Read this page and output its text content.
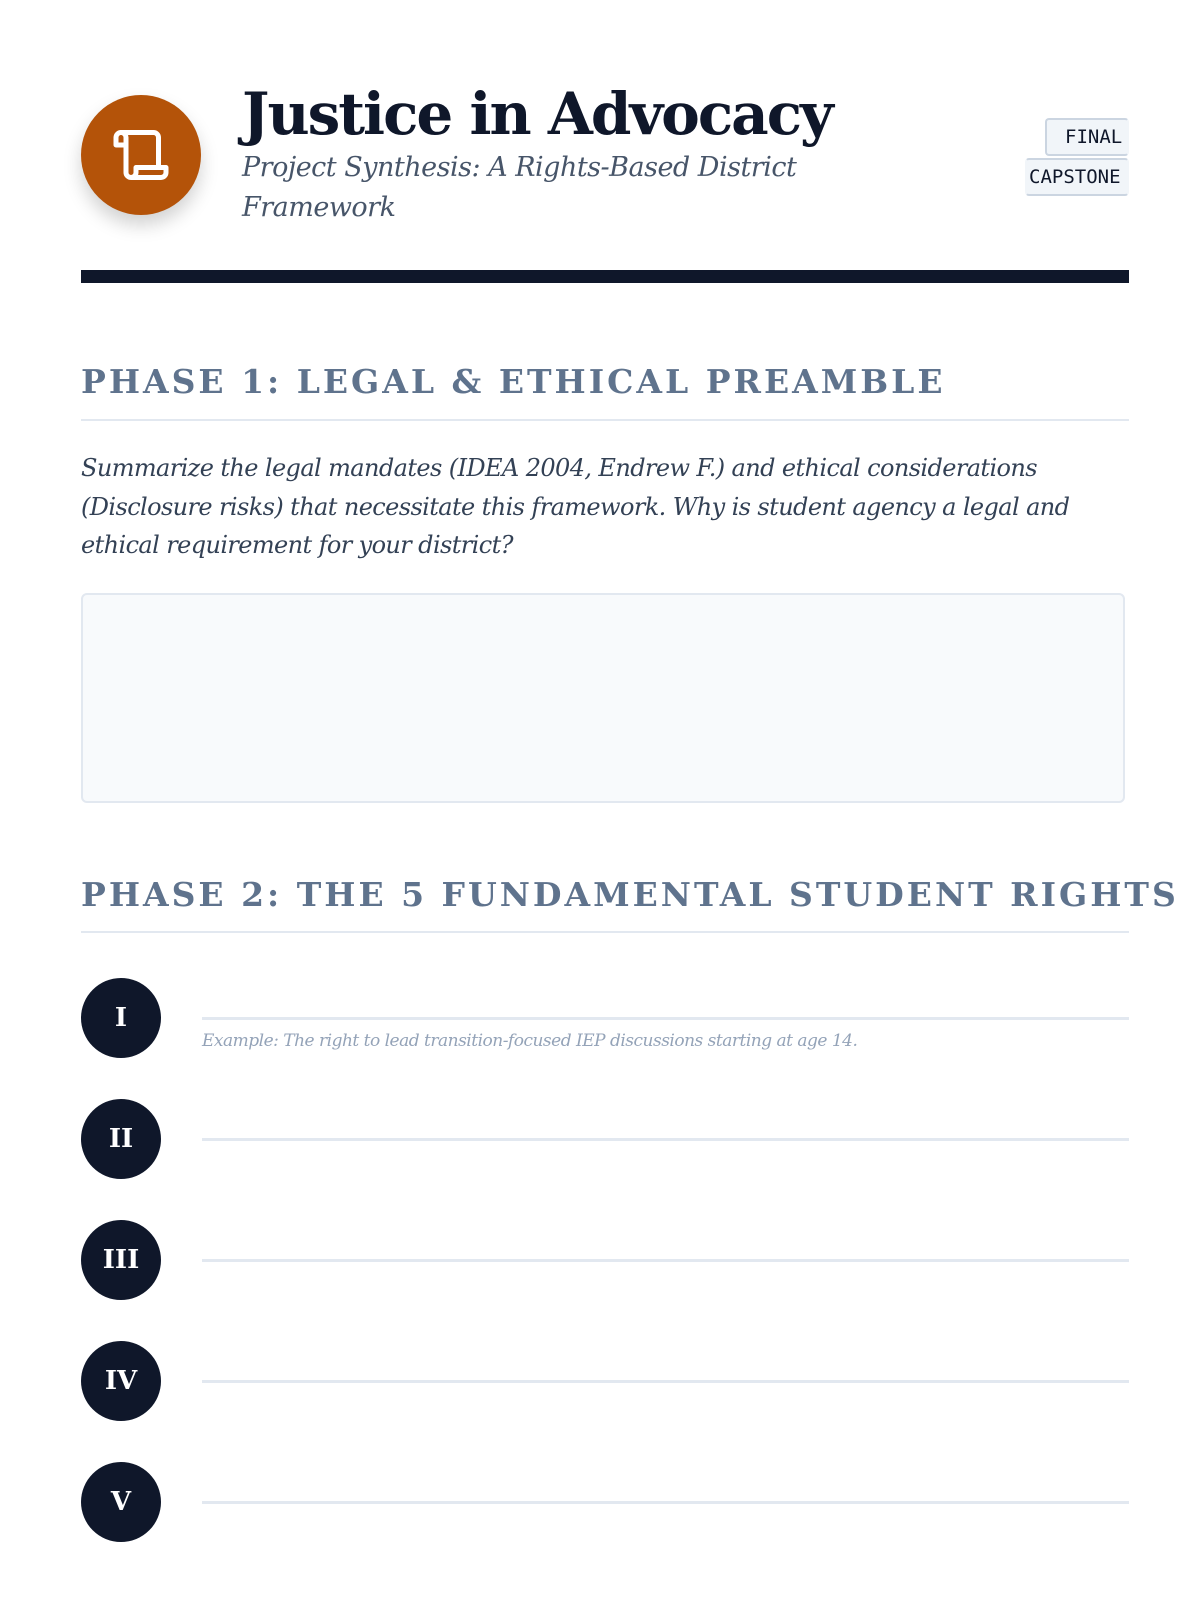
Justice in Advocacy

Project Synthesis: A Rights-Based District Framework

FINAL
CAPSTONE
PHASE 1: LEGAL & ETHICAL PREAMBLE

Summarize the legal mandates (IDEA 2004, Endrew F.) and ethical considerations (Disclosure risks) that necessitate this framework. Why is student agency a legal and ethical requirement for your district?

PHASE 2: THE 5 FUNDAMENTAL STUDENT RIGHTS
I

Example: The right to lead transition-focused IEP discussions starting at age 14.

II
III
IV
V
